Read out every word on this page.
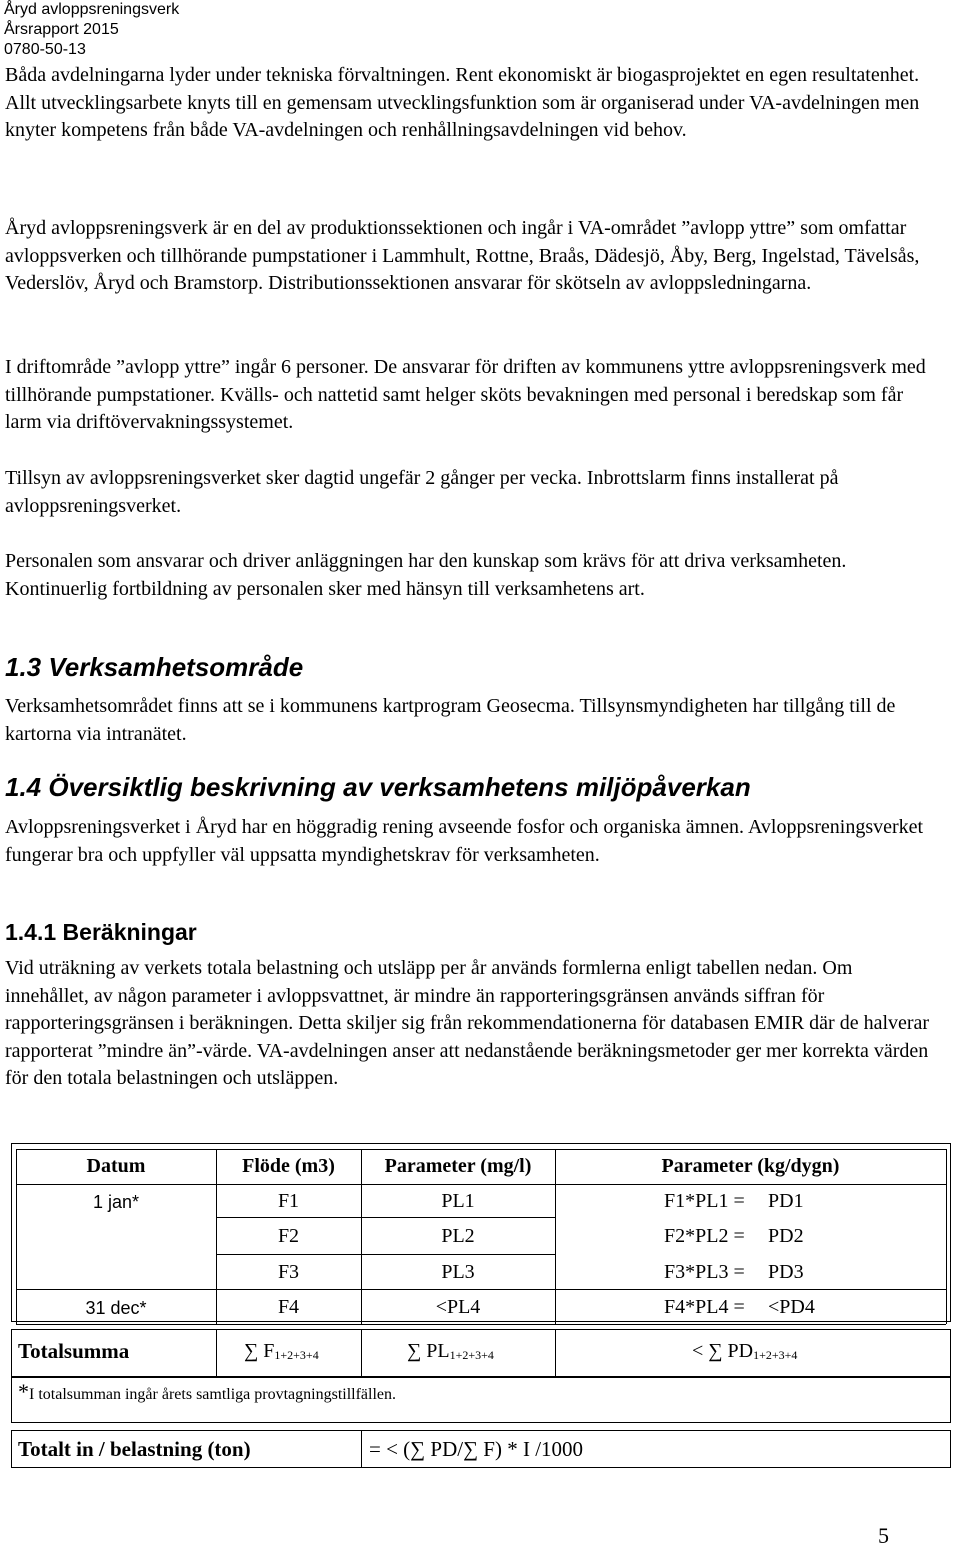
Åryd avloppsreningsverk
Årsrapport 2015
0780-50-13

Båda avdelningarna lyder under tekniska förvaltningen. Rent ekonomiskt är biogasprojektet en egen resultatenhet. Allt utvecklingsarbete knyts till en gemensam utvecklingsfunktion som är organiserad under VA-avdelningen men knyter kompetens från både VA-avdelningen och renhållningsavdelningen vid behov.

Åryd avloppsreningsverk är en del av produktionssektionen och ingår i VA-området ”avlopp yttre” som omfattar avloppsverken och tillhörande pumpstationer i Lammhult, Rottne, Braås, Dädesjö, Åby, Berg, Ingelstad, Tävelsås, Vederslöv, Åryd och Bramstorp. Distributionssektionen ansvarar för skötseln av avloppsledningarna.

I driftområde ”avlopp yttre” ingår 6 personer. De ansvarar för driften av kommunens yttre avloppsreningsverk med tillhörande pumpstationer. Kvälls- och nattetid samt helger sköts bevakningen med personal i beredskap som får larm via driftövervakningssystemet.

Tillsyn av avloppsreningsverket sker dagtid ungefär 2 gånger per vecka. Inbrottslarm finns installerat på avloppsreningsverket.

Personalen som ansvarar och driver anläggningen har den kunskap som krävs för att driva verksamheten. Kontinuerlig fortbildning av personalen sker med hänsyn till verksamhetens art.

1.3 Verksamhetsområde

Verksamhetsområdet finns att se i kommunens kartprogram Geosecma. Tillsynsmyndigheten har tillgång till de kartorna via intranätet.

1.4 Översiktlig beskrivning av verksamhetens miljöpåverkan

Avloppsreningsverket i Åryd har en höggradig rening avseende fosfor och organiska ämnen. Avloppsreningsverket fungerar bra och uppfyller väl uppsatta myndighetskrav för verksamheten.

1.4.1 Beräkningar

Vid uträkning av verkets totala belastning och utsläpp per år används formlerna enligt tabellen nedan. Om innehållet, av någon parameter i avloppsvattnet, är mindre än rapporteringsgränsen används siffran för rapporteringsgränsen i beräkningen. Detta skiljer sig från rekommendationerna för databasen EMIR där de halverar rapporterat ”mindre än”-värde. VA-avdelningen anser att nedanstående beräkningsmetoder ger mer korrekta värden för den totala belastningen och utsläppen.

Datum	Flöde (m3)	Parameter (mg/l)	Parameter (kg/dygn)
1 jan*	F1	PL1	F1*PL1 = PD1
F2	PL2	F2*PL2 = PD2
F3	PL3	F3*PL3 = PD3
31 dec*	F4	<PL4	F4*PL4 = <PD4
Totalsumma	∑ F1+2+3+4	∑ PL1+2+3+4	< ∑ PD1+2+3+4
*I totalsumman ingår årets samtliga provtagningstillfällen.
Totalt in / belastning (ton)	= < (∑ PD/∑ F) * I /1000
5
